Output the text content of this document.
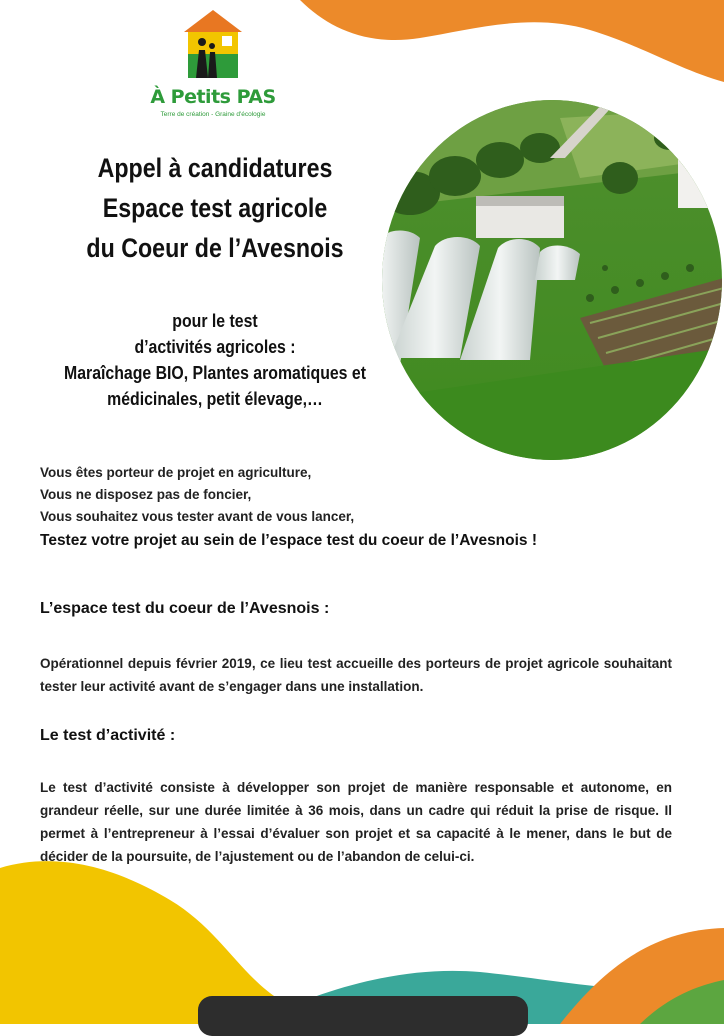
À Petits PAS
Terre de création - Graine d'écologie
Appel à candidatures
Espace test agricole
du Coeur de l’Avesnois
pour le test
d’activités agricoles :
Maraîchage BIO, Plantes aromatiques et
médicinales, petit élevage,…
Vous êtes porteur de projet en agriculture,
Vous ne disposez pas de foncier,
Vous souhaitez vous tester avant de vous lancer,
Testez votre projet au sein de l’espace test du coeur de l’Avesnois !
L’espace test du coeur de l’Avesnois :
Opérationnel depuis février 2019, ce lieu test accueille des porteurs de projet agricole souhaitant tester leur activité avant de s’engager dans une installation.
Le test d’activité :
Le test d’activité consiste à développer son projet de manière responsable et autonome, en grandeur réelle, sur une durée limitée à 36 mois, dans un cadre qui réduit la prise de risque. Il permet à l’entrepreneur à l’essai d’évaluer son projet et sa capacité à le mener, dans le but de décider de la poursuite, de l’ajustement ou de l’abandon de celui-ci.
